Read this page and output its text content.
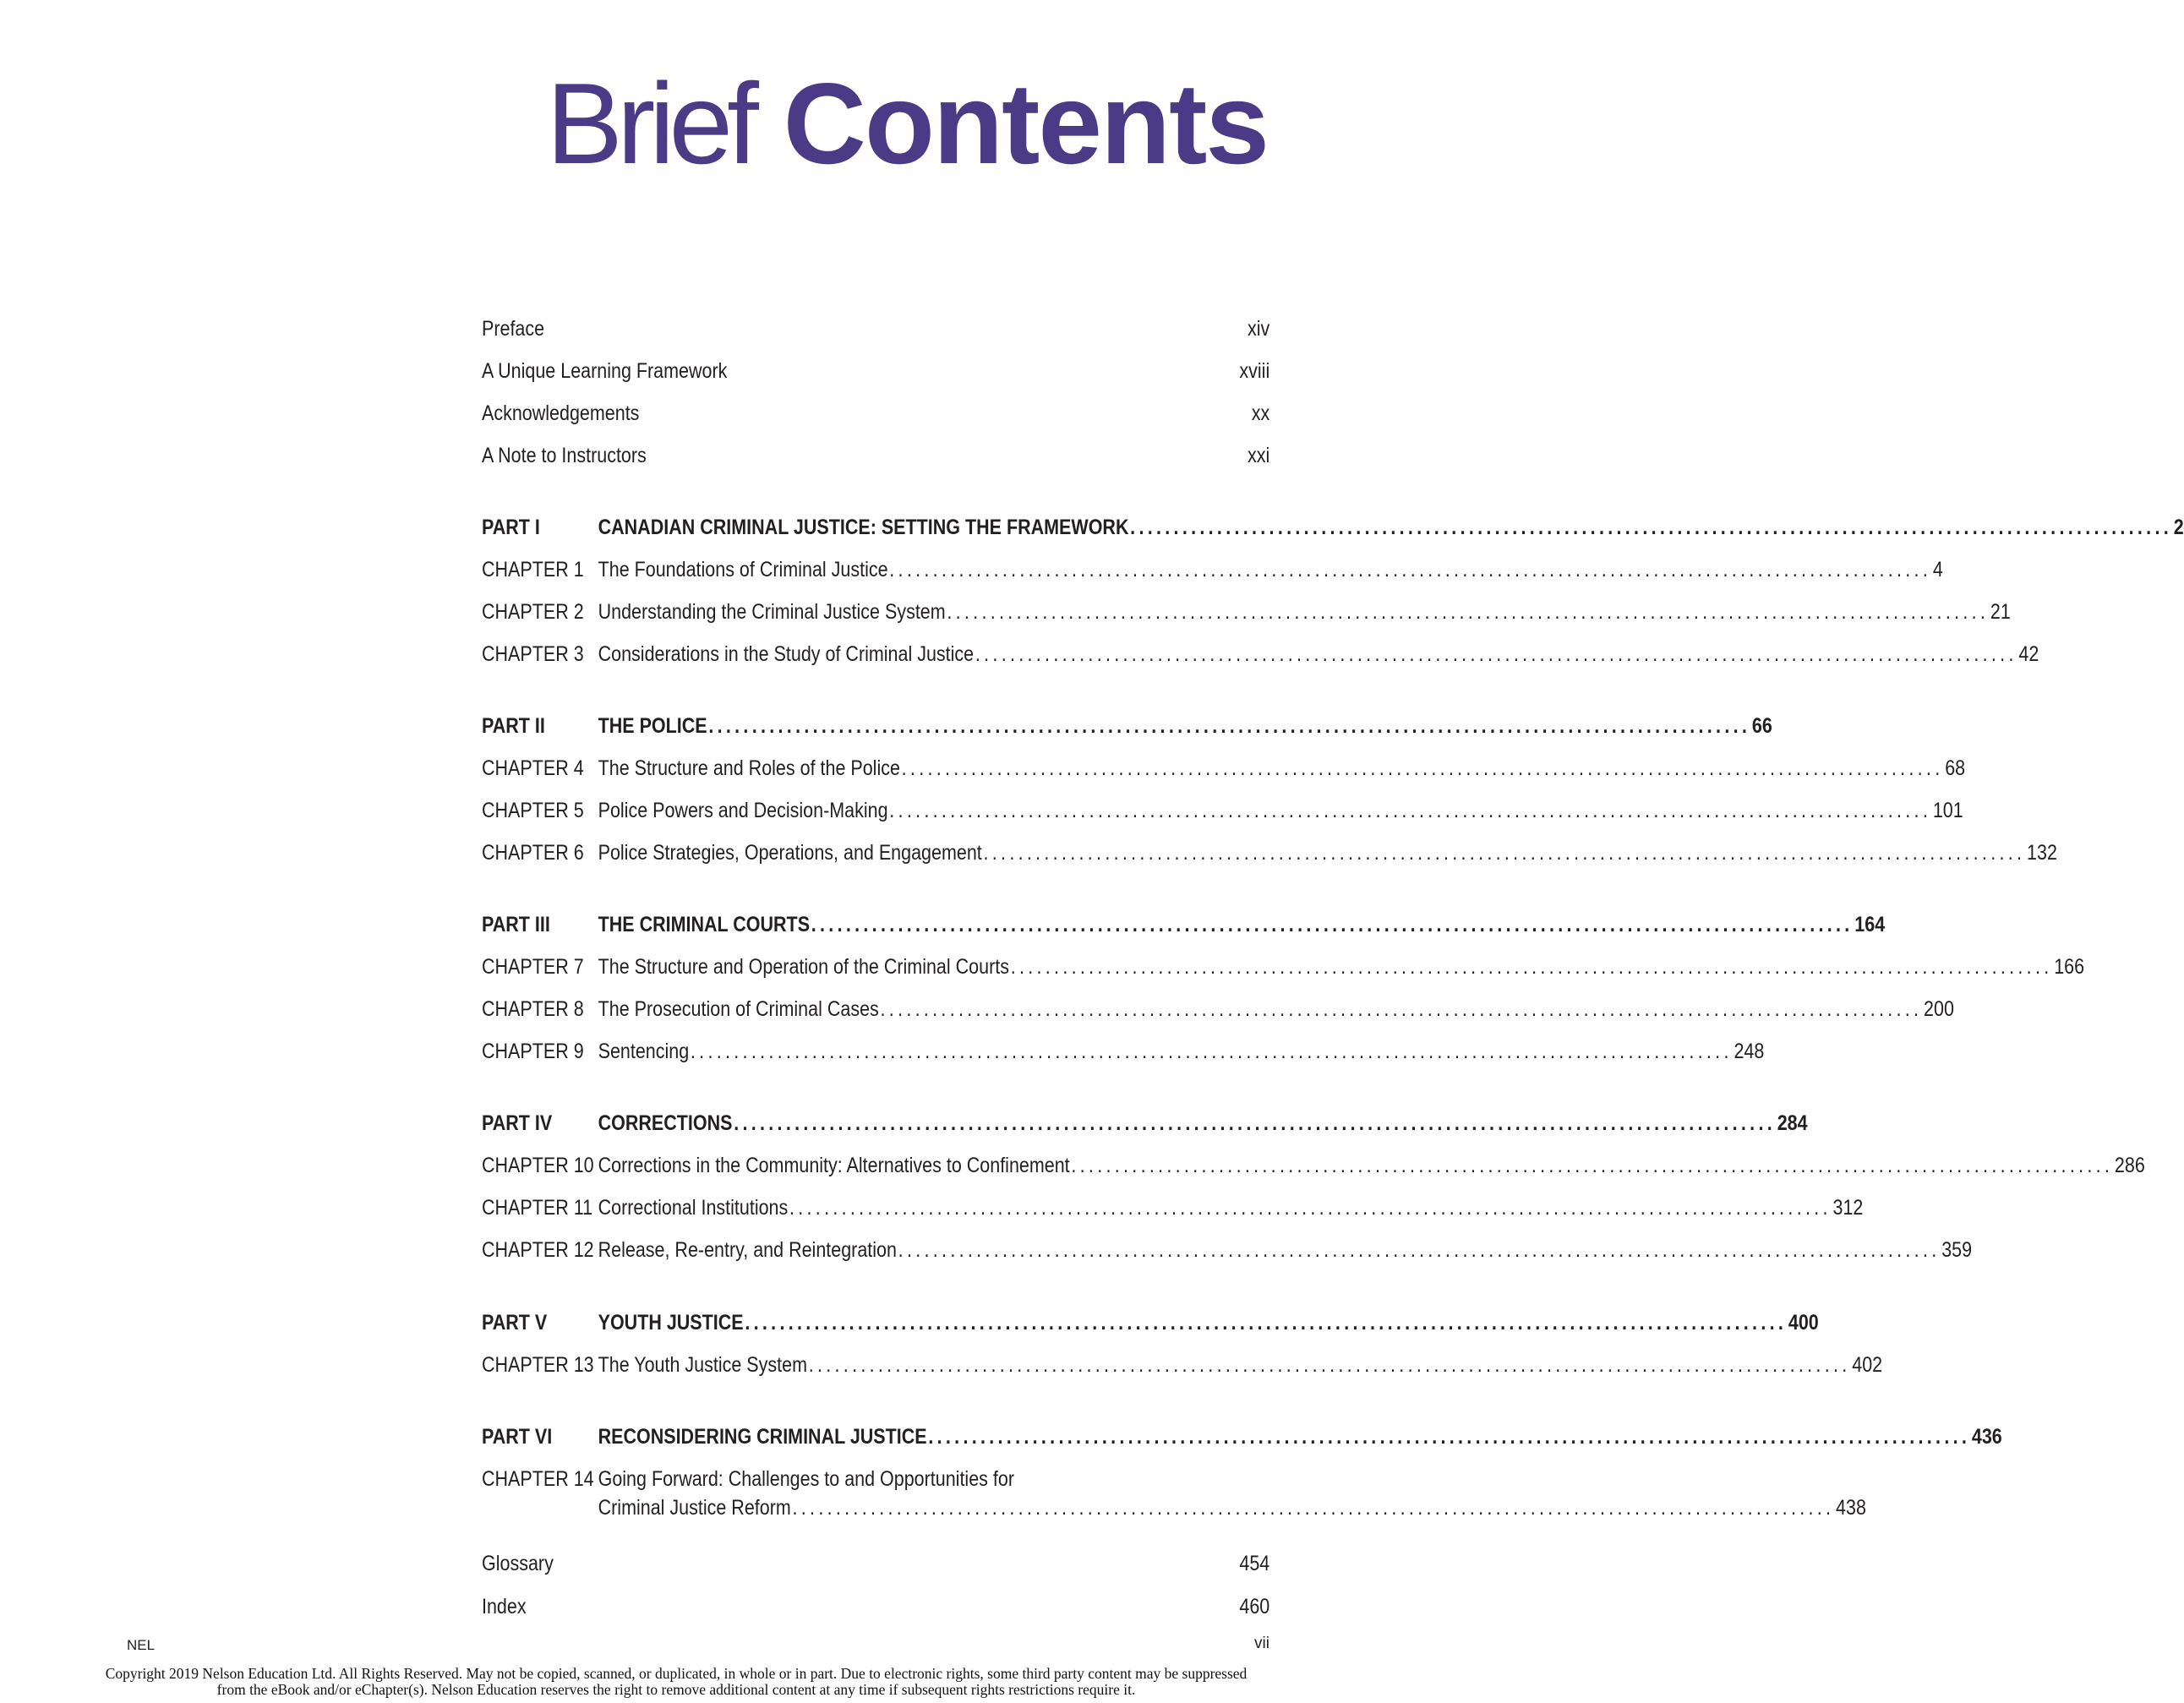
Brief Contents
Preface	xiv
A Unique Learning Framework	xviii
Acknowledgements	xx
A Note to Instructors	xxi
PART I	CANADIAN CRIMINAL JUSTICE: SETTING THE FRAMEWORK ........................................................................................................................ 2
CHAPTER 1 The Foundations of Criminal Justice ........................................................................................................................ 4
CHAPTER 2 Understanding the Criminal Justice System ........................................................................................................................ 21
CHAPTER 3 Considerations in the Study of Criminal Justice ........................................................................................................................ 42
PART II	THE POLICE ........................................................................................................................ 66
CHAPTER 4 The Structure and Roles of the Police ........................................................................................................................ 68
CHAPTER 5 Police Powers and Decision-Making ........................................................................................................................ 101
CHAPTER 6 Police Strategies, Operations, and Engagement ........................................................................................................................ 132
PART III THE CRIMINAL COURTS ........................................................................................................................ 164
CHAPTER 7 The Structure and Operation of the Criminal Courts ........................................................................................................................ 166
CHAPTER 8 The Prosecution of Criminal Cases ........................................................................................................................ 200
CHAPTER 9 Sentencing ........................................................................................................................ 248
PART IV CORRECTIONS ........................................................................................................................ 284
CHAPTER 10 Corrections in the Community: Alternatives to Confinement ........................................................................................................................ 286
CHAPTER 11 Correctional Institutions ........................................................................................................................ 312
CHAPTER 12 Release, Re-entry, and Reintegration ........................................................................................................................ 359
PART V YOUTH JUSTICE ........................................................................................................................ 400
CHAPTER 13 The Youth Justice System ........................................................................................................................ 402
PART VI RECONSIDERING CRIMINAL JUSTICE ........................................................................................................................ 436
CHAPTER 14 Going Forward: Challenges to and Opportunities for
Criminal Justice Reform ........................................................................................................................ 438
Glossary	454
Index	460
NEL	vii
Copyright 2019 Nelson Education Ltd. All Rights Reserved. May not be copied, scanned, or duplicated, in whole or in part. Due to electronic rights, some third party content may be suppressed from the eBook and/or eChapter(s). Nelson Education reserves the right to remove additional content at any time if subsequent rights restrictions require it.
